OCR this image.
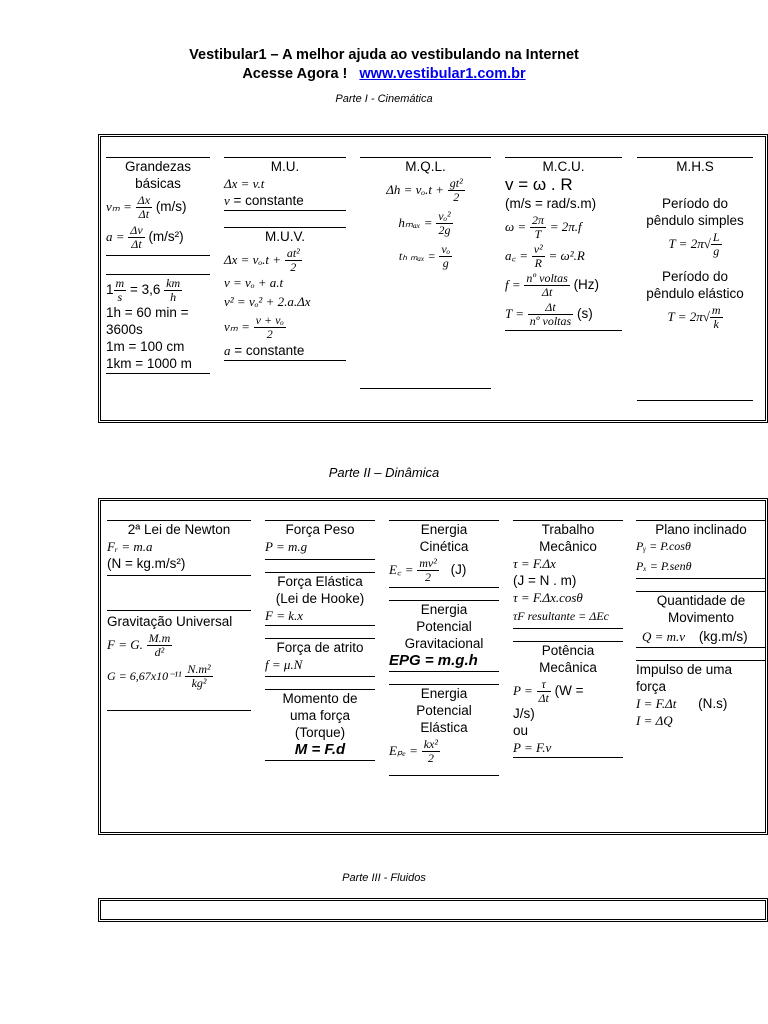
Vestibular1 – A melhor ajuda ao vestibulando na Internet
Acesse Agora ! www.vestibular1.com.br
Parte I - Cinemática
Grandezas
básicas
$v_m = \frac{\Delta x}{\Delta t} (m/s)$
$a = \frac{\Delta v}{\Delta t} (m/s^2)$
$1 \frac{m}{s} = 3,6 \frac{km}{h}$
1h = 60 min =
3600s
1m = 100 cm
1km = 1000 m
M.U.
Δx = v.t
v = constante
M.U.V.
$\Delta x = v_o.t + \frac{\text{at²}}{2}$
v = vₒ + a.t
v² = vₒ² + 2.a.Δx
$v_m = \frac{\text{v + vₒ}}{2}$
a = constante
M.Q.L.
$\Delta h = v_o.t + \frac{\text{gt²}}{2}$
$h_{max} = \frac{\text{vₒ²}}{2g}$
tₕ $_{max} = \frac{\text{vₒ}}{g}$
M.C.U.
v = ω . R
(m/s = rad/s.m)
$\omega = \frac{2\pi}{T} = 2\pi.f$
a꜀ = $\frac{\text{v²}}{R} = \omega^2.R$
$f = \frac{\text{nº voltas}}{\Delta t} (Hz)$
$T = \frac{\Delta t}{\text{nº voltas}} (s)$
M.H.S
Período do
pêndulo simples
$T = 2\pi√ \frac{L}{g}$
Período do
pêndulo elástico
$T = 2\pi√ \frac{m}{k}$
Parte II – Dinâmica
2ª Lei de Newton
Fᵣ = m.a
(N = kg.m/s²)
Gravitação Universal
F = G. $\frac{M.m}{\text{d²}}$
$G = 6,67x10^{-11} \frac{\text{N.m²}}{\text{kg²}}$
Força Peso
P = m.g
Força Elástica
(Lei de Hooke)
F = k.x
Força de atrito
f = μ.N
Momento de
uma força
(Torque)
M = F.d
Energia
Cinética
E꜀ = $\frac{\text{mv²}}{2} (J)$
Energia
Potencial
Gravitacional
EPG = m.g.h
Energia
Potencial
Elástica
$E_{pe} = \frac{\text{kx²}}{2}$
Trabalho
Mecânico
τ = F.Δx
(J = N . m)
τ = F.Δx.cosθ
τF resultante = ΔEc
Potência
Mecânica
$P = \frac{\tau}{\Delta t} (W$ =
J/s)
ou
P = F.v
Plano inclinado
Pᵧ = P.cosθ
Pₓ = P.senθ
Quantidade de
Movimento
Q = m.v (kg.m/s)
Impulso de uma
força
I = F.Δt (N.s)
I = ΔQ
Parte III - Fluidos
